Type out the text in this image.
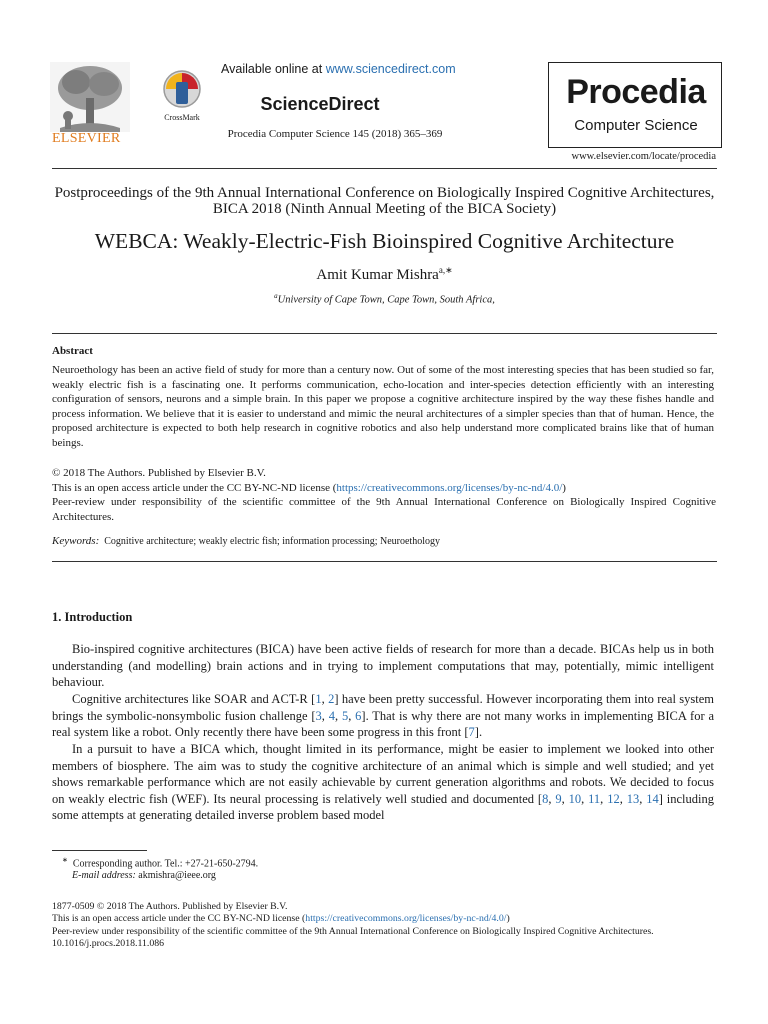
ELSEVIER
CrossMark
Available online at www.sciencedirect.com
ScienceDirect
Procedia Computer Science 145 (2018) 365–369
Procedia
Computer Science
www.elsevier.com/locate/procedia
Postproceedings of the 9th Annual International Conference on Biologically Inspired Cognitive Architectures, BICA 2018 (Ninth Annual Meeting of the BICA Society)
WEBCA: Weakly-Electric-Fish Bioinspired Cognitive Architecture
Amit Kumar Mishra$^{a,∗}$
$^a$University of Cape Town, Cape Town, South Africa,
Abstract
Neuroethology has been an active field of study for more than a century now. Out of some of the most interesting species that has been studied so far, weakly electric fish is a fascinating one. It performs communication, echo-location and inter-species detection efficiently with an interesting configuration of sensors, neurons and a simple brain. In this paper we propose a cognitive architecture inspired by the way these fishes handle and process information. We believe that it is easier to understand and mimic the neural architectures of a simpler species than that of human. Hence, the proposed architecture is expected to both help research in cognitive robotics and also help understand more complicated brains like that of human beings.
© 2018 The Authors. Published by Elsevier B.V.
This is an open access article under the CC BY-NC-ND license (https://creativecommons.org/licenses/by-nc-nd/4.0/)
Peer-review under responsibility of the scientific committee of the 9th Annual International Conference on Biologically Inspired Cognitive Architectures.
Keywords: Cognitive architecture; weakly electric fish; information processing; Neuroethology
1. Introduction
Bio-inspired cognitive architectures (BICA) have been active fields of research for more than a decade. BICAs help us in both understanding (and modelling) brain actions and in trying to implement computations that may, potentially, mimic intelligent behaviour.
Cognitive architectures like SOAR and ACT-R [1, 2] have been pretty successful. However incorporating them into real system brings the symbolic-nonsymbolic fusion challenge [3, 4, 5, 6]. That is why there are not many works in implementing BICA for a real system like a robot. Only recently there have been some progress in this front [7].
In a pursuit to have a BICA which, thought limited in its performance, might be easier to implement we looked into other members of biosphere. The aim was to study the cognitive architecture of an animal which is simple and well studied; and yet shows remarkable performance which are not easily achievable by current generation algorithms and robots. We decided to focus on weakly electric fish (WEF). Its neural processing is relatively well studied and documented [8, 9, 10, 11, 12, 13, 14] including some attempts at generating detailed inverse problem based model
∗ Corresponding author. Tel.: +27-21-650-2794.
E-mail address: akmishra@ieee.org
1877-0509 © 2018 The Authors. Published by Elsevier B.V.
This is an open access article under the CC BY-NC-ND license (https://creativecommons.org/licenses/by-nc-nd/4.0/)
Peer-review under responsibility of the scientific committee of the 9th Annual International Conference on Biologically Inspired Cognitive Architectures.
10.1016/j.procs.2018.11.086
